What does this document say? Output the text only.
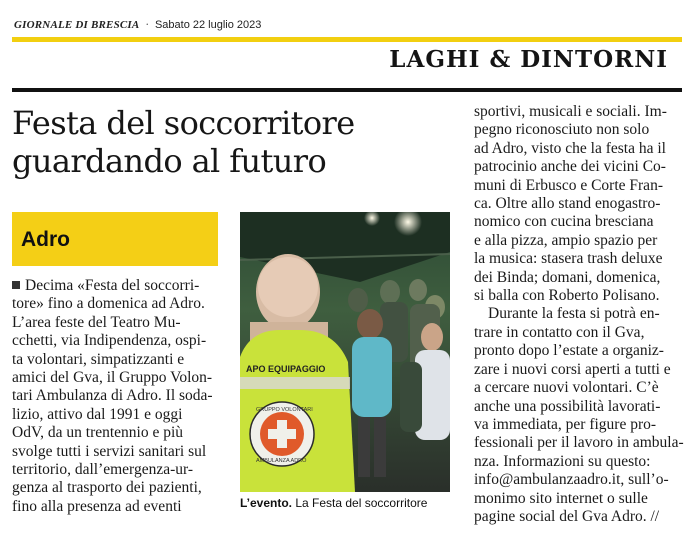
GIORNALE DI BRESCIA · Sabato 22 luglio 2023
LAGHI & DINTORNI
Festa del soccorritore
guardando al futuro
Adro
Decima «Festa del soccorri-
tore» fino a domenica ad Adro.
L’area feste del Teatro Mu-
cchetti, via Indipendenza, ospi-
ta volontari, simpatizzanti e
amici del Gva, il Gruppo Volon-
tari Ambulanza di Adro. Il soda-
lizio, attivo dal 1991 e oggi
OdV, da un trentennio e più
svolge tutti i servizi sanitari sul
territorio, dall’emergenza-ur-
genza al trasporto dei pazienti,
fino alla presenza ad eventi
APO EQUIPAGGIO
GRUPPO VOLONTARI
AMBULANZA ADRO
L’evento. La Festa del soccorritore
sportivi, musicali e sociali. Im-
pegno riconosciuto non solo
ad Adro, visto che la festa ha il
patrocinio anche dei vicini Co-
muni di Erbusco e Corte Fran-
ca. Oltre allo stand enogastro-
nomico con cucina bresciana
e alla pizza, ampio spazio per
la musica: stasera trash deluxe
dei Binda; domani, domenica,
si balla con Roberto Polisano.
Durante la festa si potrà en-
trare in contatto con il Gva,
pronto dopo l’estate a organiz-
zare i nuovi corsi aperti a tutti e
a cercare nuovi volontari. C’è
anche una possibilità lavorati-
va immediata, per figure pro-
fessionali per il lavoro in ambula-
nza. Informazioni su questo:
info@ambulanzaadro.it, sull’o-
monimo sito internet o sulle
pagine social del Gva Adro. //
